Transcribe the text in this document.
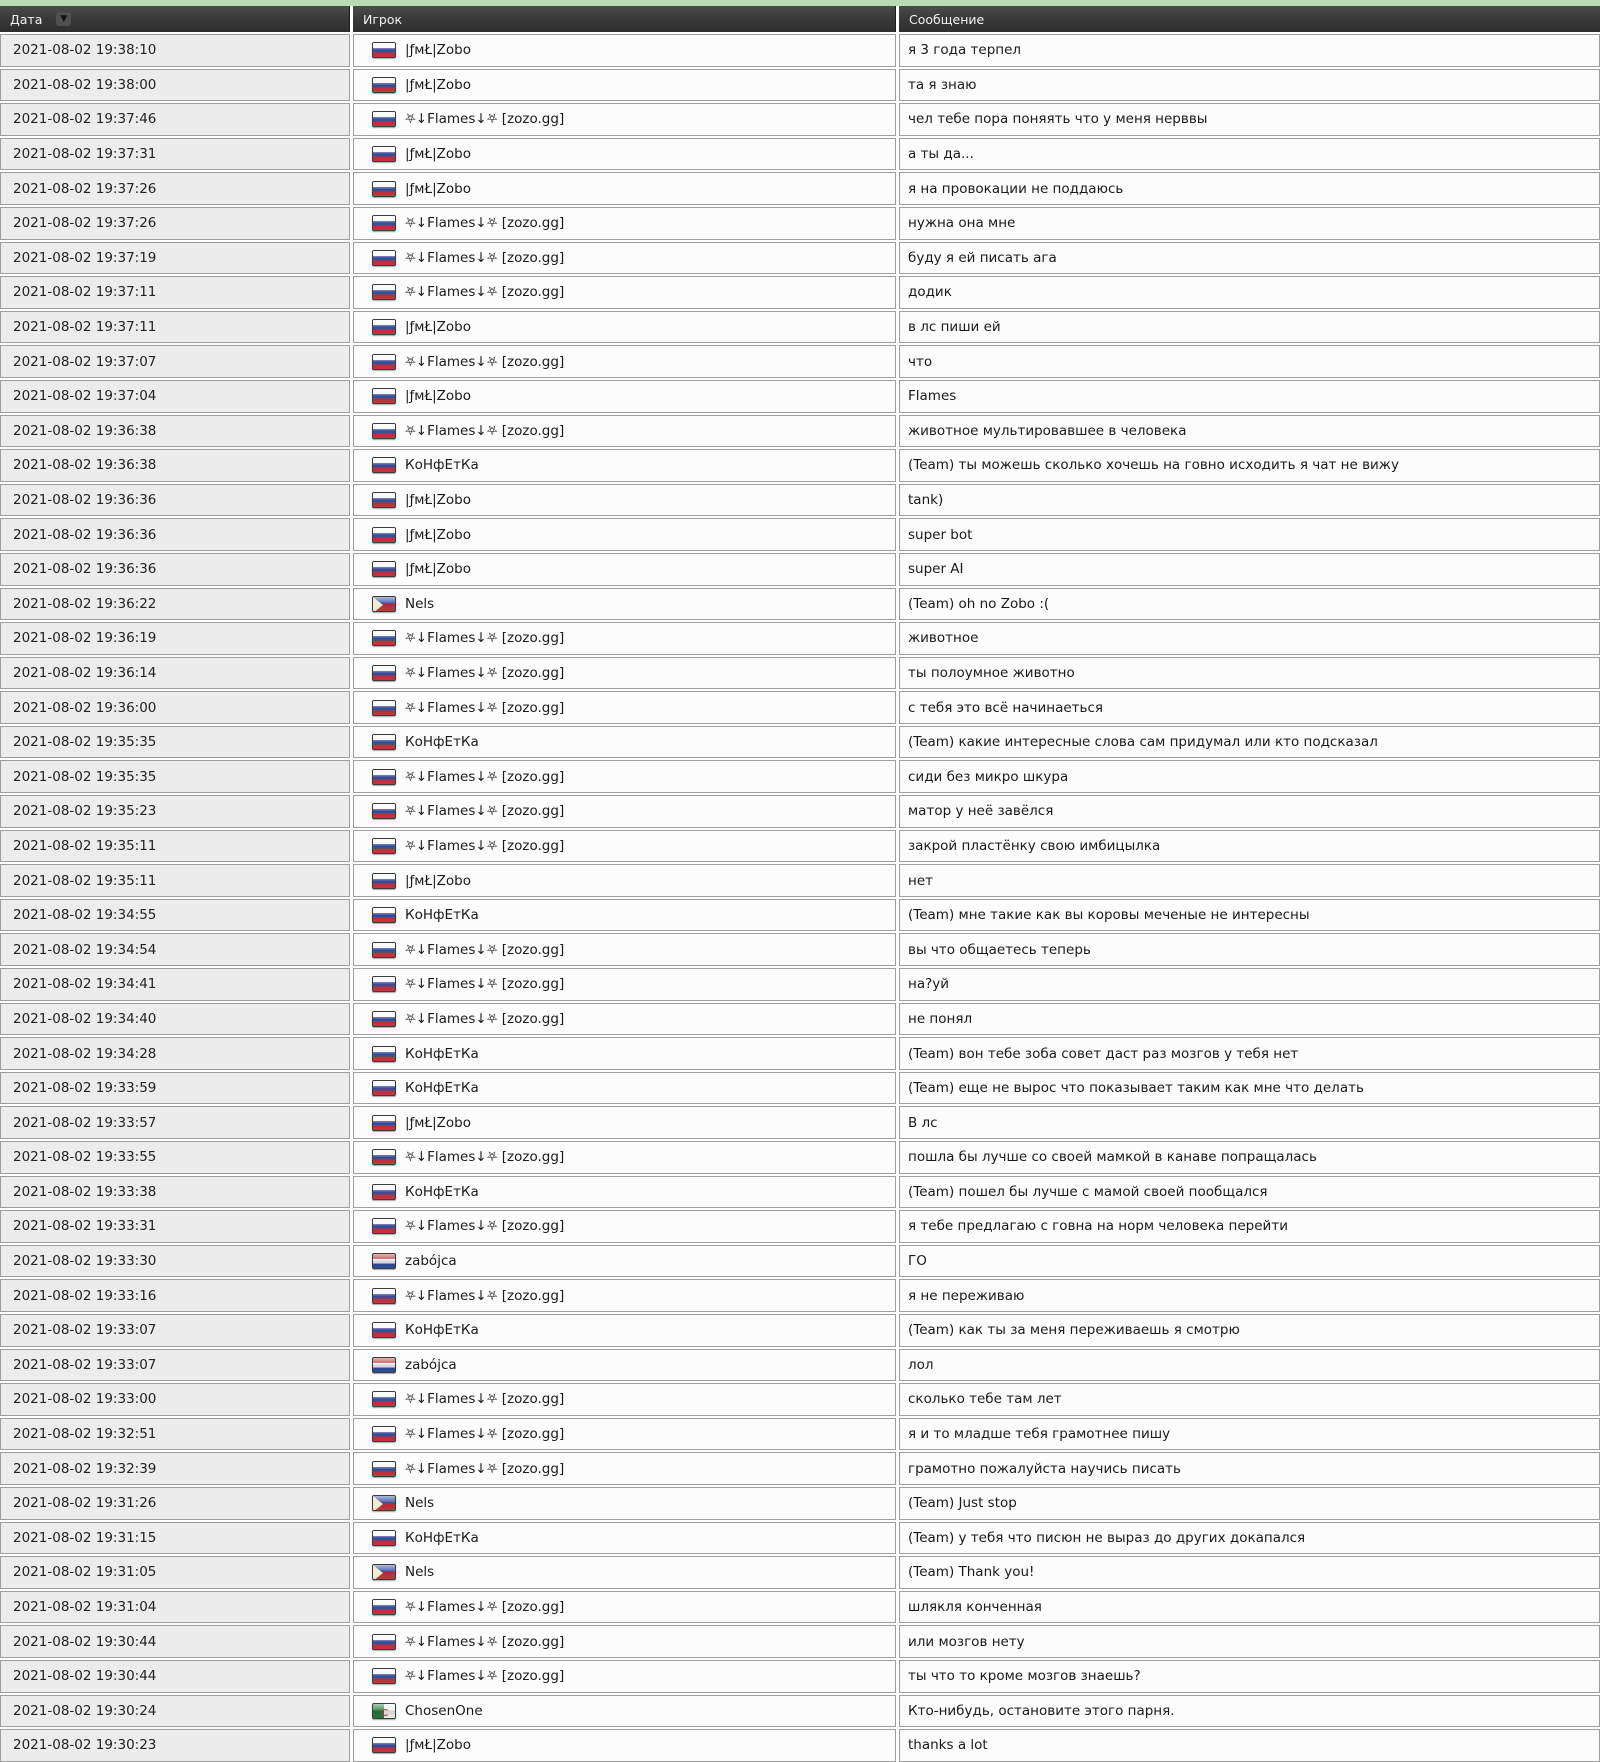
Дата ▼	Игрок	Сообщение
2021-08-02 19:38:10	|ƒмŁ|Zobo	я 3 года терпел
2021-08-02 19:38:00	|ƒмŁ|Zobo	та я знаю
2021-08-02 19:37:46	⛧↓Flames↓⛧ [zozo.gg]	чел тебе пора поняять что у меня нерввы
2021-08-02 19:37:31	|ƒмŁ|Zobo	а ты да...
2021-08-02 19:37:26	|ƒмŁ|Zobo	я на провокации не поддаюсь
2021-08-02 19:37:26	⛧↓Flames↓⛧ [zozo.gg]	нужна она мне
2021-08-02 19:37:19	⛧↓Flames↓⛧ [zozo.gg]	буду я ей писать ага
2021-08-02 19:37:11	⛧↓Flames↓⛧ [zozo.gg]	додик
2021-08-02 19:37:11	|ƒмŁ|Zobo	в лс пиши ей
2021-08-02 19:37:07	⛧↓Flames↓⛧ [zozo.gg]	что
2021-08-02 19:37:04	|ƒмŁ|Zobo	Flames
2021-08-02 19:36:38	⛧↓Flames↓⛧ [zozo.gg]	животное мультировавшее в человека
2021-08-02 19:36:38	КоНфЕтКа	(Team) ты можешь сколько хочешь на говно исходить я чат не вижу
2021-08-02 19:36:36	|ƒмŁ|Zobo	tank)
2021-08-02 19:36:36	|ƒмŁ|Zobo	super bot
2021-08-02 19:36:36	|ƒмŁ|Zobo	super AI
2021-08-02 19:36:22	Nels	(Team) oh no Zobo :(
2021-08-02 19:36:19	⛧↓Flames↓⛧ [zozo.gg]	животное
2021-08-02 19:36:14	⛧↓Flames↓⛧ [zozo.gg]	ты полоумное животно
2021-08-02 19:36:00	⛧↓Flames↓⛧ [zozo.gg]	с тебя это всё начинаеться
2021-08-02 19:35:35	КоНфЕтКа	(Team) какие интересные слова сам придумал или кто подсказал
2021-08-02 19:35:35	⛧↓Flames↓⛧ [zozo.gg]	сиди без микро шкура
2021-08-02 19:35:23	⛧↓Flames↓⛧ [zozo.gg]	матор у неё завёлся
2021-08-02 19:35:11	⛧↓Flames↓⛧ [zozo.gg]	закрой пластёнку свою имбицылка
2021-08-02 19:35:11	|ƒмŁ|Zobo	нет
2021-08-02 19:34:55	КоНфЕтКа	(Team) мне такие как вы коровы меченые не интересны
2021-08-02 19:34:54	⛧↓Flames↓⛧ [zozo.gg]	вы что общаетесь теперь
2021-08-02 19:34:41	⛧↓Flames↓⛧ [zozo.gg]	на?уй
2021-08-02 19:34:40	⛧↓Flames↓⛧ [zozo.gg]	не понял
2021-08-02 19:34:28	КоНфЕтКа	(Team) вон тебе зоба совет даст раз мозгов у тебя нет
2021-08-02 19:33:59	КоНфЕтКа	(Team) еще не вырос что показывает таким как мне что делать
2021-08-02 19:33:57	|ƒмŁ|Zobo	В лс
2021-08-02 19:33:55	⛧↓Flames↓⛧ [zozo.gg]	пошла бы лучше со своей мамкой в канаве попращалась
2021-08-02 19:33:38	КоНфЕтКа	(Team) пошел бы лучше с мамой своей пообщался
2021-08-02 19:33:31	⛧↓Flames↓⛧ [zozo.gg]	я тебе предлагаю с говна на норм человека перейти
2021-08-02 19:33:30	zabójca	ГО
2021-08-02 19:33:16	⛧↓Flames↓⛧ [zozo.gg]	я не переживаю
2021-08-02 19:33:07	КоНфЕтКа	(Team) как ты за меня переживаешь я смотрю
2021-08-02 19:33:07	zabójca	лол
2021-08-02 19:33:00	⛧↓Flames↓⛧ [zozo.gg]	сколько тебе там лет
2021-08-02 19:32:51	⛧↓Flames↓⛧ [zozo.gg]	я и то младше тебя грамотнее пишу
2021-08-02 19:32:39	⛧↓Flames↓⛧ [zozo.gg]	грамотно пожалуйста научись писать
2021-08-02 19:31:26	Nels	(Team) Just stop
2021-08-02 19:31:15	КоНфЕтКа	(Team) у тебя что писюн не выраз до других докапался
2021-08-02 19:31:05	Nels	(Team) Thank you!
2021-08-02 19:31:04	⛧↓Flames↓⛧ [zozo.gg]	шлякля конченная
2021-08-02 19:30:44	⛧↓Flames↓⛧ [zozo.gg]	или мозгов нету
2021-08-02 19:30:44	⛧↓Flames↓⛧ [zozo.gg]	ты что то кроме мозгов знаешь?
2021-08-02 19:30:24	ChosenOne	Кто-нибудь, остановите этого парня.
2021-08-02 19:30:23	|ƒмŁ|Zobo	thanks a lot
